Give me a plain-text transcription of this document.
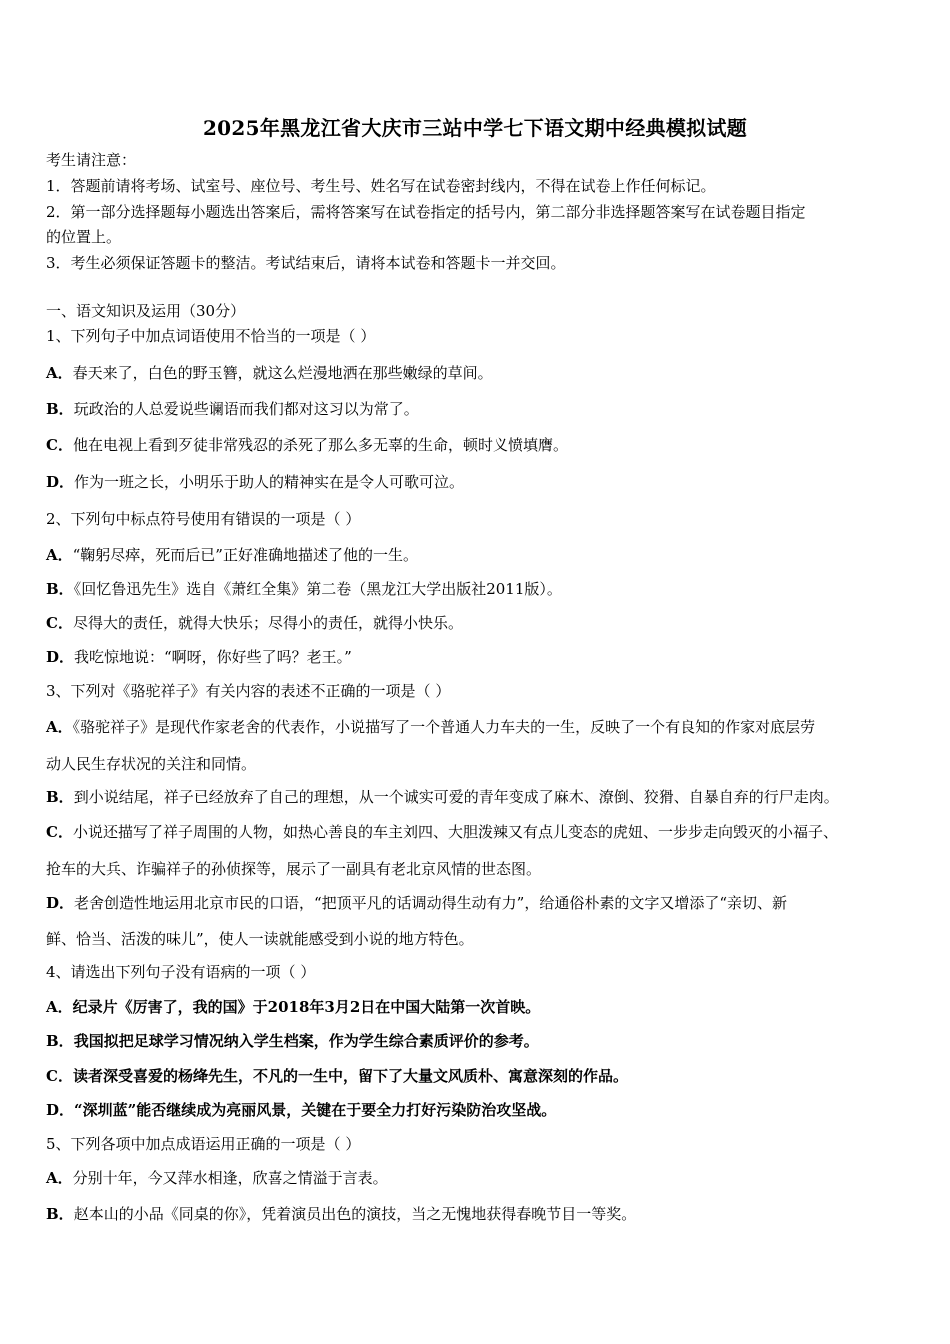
2025年黑龙江省大庆市三站中学七下语文期中经典模拟试题
考生请注意：
1．答题前请将考场、试室号、座位号、考生号、姓名写在试卷密封线内，不得在试卷上作任何标记。
2．第一部分选择题每小题选出答案后，需将答案写在试卷指定的括号内，第二部分非选择题答案写在试卷题目指定
的位置上。
3．考生必须保证答题卡的整洁。考试结束后，请将本试卷和答题卡一并交回。
一、语文知识及运用（30分）
1、下列句子中加点词语使用不恰当的一项是（ ）
A．春天来了，白色的野玉簪，就这么烂漫地洒在那些嫩绿的草间。
B．玩政治的人总爱说些谰语而我们都对这习以为常了。
C．他在电视上看到歹徒非常残忍的杀死了那么多无辜的生命，顿时义愤填膺。
D．作为一班之长，小明乐于助人的精神实在是令人可歌可泣。
2、下列句中标点符号使用有错误的一项是（ ）
A．“鞠躬尽瘁，死而后已”正好准确地描述了他的一生。
B．《回忆鲁迅先生》选自《萧红全集》第二卷（黑龙江大学出版社2011版）。
C．尽得大的责任，就得大快乐；尽得小的责任，就得小快乐。
D．我吃惊地说：“啊呀，你好些了吗？老王。”
3、下列对《骆驼祥子》有关内容的表述不正确的一项是（ ）
A．《骆驼祥子》是现代作家老舍的代表作，小说描写了一个普通人力车夫的一生，反映了一个有良知的作家对底层劳
动人民生存状况的关注和同情。
B．到小说结尾，祥子已经放弃了自己的理想，从一个诚实可爱的青年变成了麻木、潦倒、狡猾、自暴自弃的行尸走肉。
C．小说还描写了祥子周围的人物，如热心善良的车主刘四、大胆泼辣又有点儿变态的虎妞、一步步走向毁灭的小福子、
抢车的大兵、诈骗祥子的孙侦探等，展示了一副具有老北京风情的世态图。
D．老舍创造性地运用北京市民的口语，“把顶平凡的话调动得生动有力”，给通俗朴素的文字又增添了“亲切、新
鲜、恰当、活泼的味儿”，使人一读就能感受到小说的地方特色。
4、请选出下列句子没有语病的一项（ ）
A．纪录片《厉害了，我的国》于2018年3月2日在中国大陆第一次首映。
B．我国拟把足球学习情况纳入学生档案，作为学生综合素质评价的参考。
C．读者深受喜爱的杨绛先生，不凡的一生中，留下了大量文风质朴、寓意深刻的作品。
D．“深圳蓝”能否继续成为亮丽风景，关键在于要全力打好污染防治攻坚战。
5、下列各项中加点成语运用正确的一项是（ ）
A．分别十年，今又萍水相逢，欣喜之情溢于言表。
B．赵本山的小品《同桌的你》，凭着演员出色的演技，当之无愧地获得春晚节目一等奖。
